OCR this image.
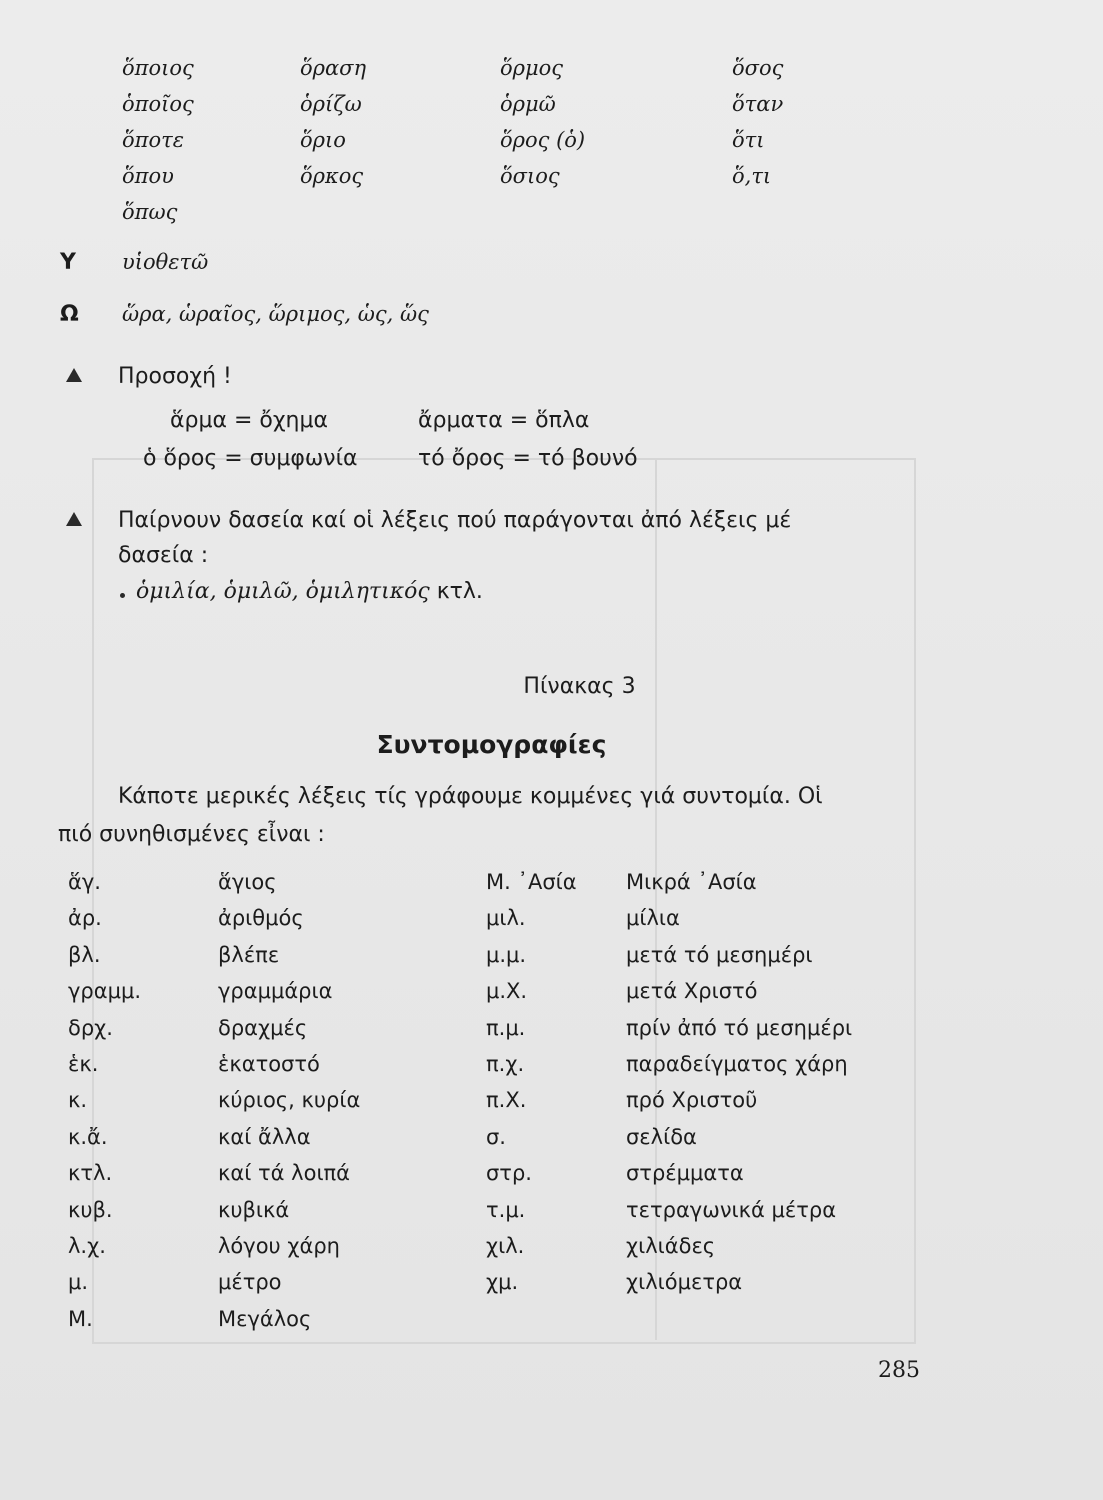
ὅποιος
ὁποῖος
ὅποτε
ὅπου
ὅπως
ὅραση
ὁρίζω
ὅριο
ὅρκος
ὅρμος
ὁρμῶ
ὅρος (ὁ)
ὅσιος
ὅσος
ὅταν
ὅτι
ὅ,τι
Υ υἱοθετῶ
Ω ὥρα, ὡραῖος, ὥριμος, ὡς, ὥς
Προσοχή !
ἅρμα = ὄχημα	ἄρματα = ὅπλα
ὁ ὅρος = συμφωνία	τό ὄρος = τό βουνό
Παίρνουν δασεία καί οἱ λέξεις πού παράγονται ἀπό λέξεις μέ
δασεία :
ὁμιλία, ὁμιλῶ, ὁμιλητικός κτλ.
Πίνακας 3
Συντομογραφίες
Κάποτε μερικές λέξεις τίς γράφουμε κομμένες γιά συντομία. Οἱ
πιό συνηθισμένες εἶναι :
ἅγ.
ἀρ.
βλ.
γραμμ.
δρχ.
ἑκ.
κ.
κ.ἄ.
κτλ.
κυβ.
λ.χ.
μ.
Μ.
ἅγιος
ἀριθμός
βλέπε
γραμμάρια
δραχμές
ἑκατοστό
κύριος, κυρία
καί ἄλλα
καί τά λοιπά
κυβικά
λόγου χάρη
μέτρο
Μεγάλος
Μ. ᾽Ασία
μιλ.
μ.μ.
μ.Χ.
π.μ.
π.χ.
π.Χ.
σ.
στρ.
τ.μ.
χιλ.
χμ.
Μικρά ᾽Ασία
μίλια
μετά τό μεσημέρι
μετά Χριστό
πρίν ἀπό τό μεσημέρι
παραδείγματος χάρη
πρό Χριστοῦ
σελίδα
στρέμματα
τετραγωνικά μέτρα
χιλιάδες
χιλιόμετρα
285
